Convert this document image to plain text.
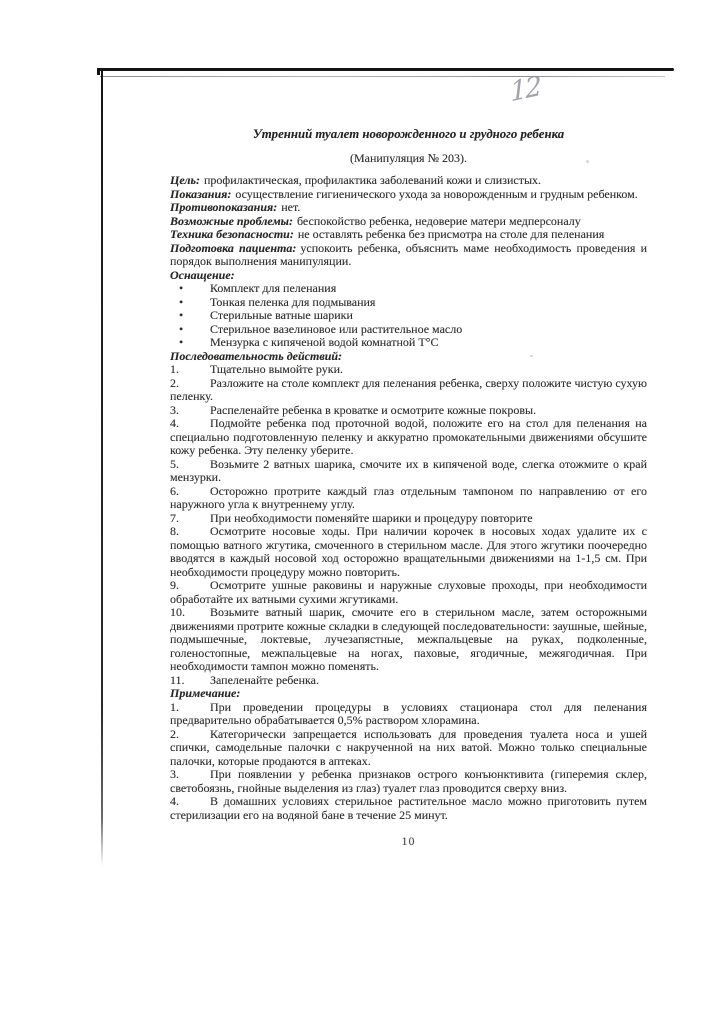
12

Утренний туалет новорожденного и грудного ребенка

(Манипуляция № 203).

Цель: профилактическая, профилактика заболеваний кожи и слизистых.

Показания: осуществление гигиенического ухода за новорожденным и грудным ребенком.

Противопоказания: нет.

Возможные проблемы: беспокойство ребенка, недоверие матери медперсоналу

Техника безопасности: не оставлять ребенка без присмотра на столе для пеленания

Подготовка пациента: успокоить ребенка, объяснить маме необходимость проведения и порядок выполнения манипуляции.

Оснащение:

• Комплект для пеленания
• Тонкая пеленка для подмывания
• Стерильные ватные шарики
• Стерильное вазелиновое или растительное масло
• Мензурка с кипяченой водой комнатной Т°С

Последовательность действий:

1.	Тщательно вымойте руки.

2.	Разложите на столе комплект для пеленания ребенка, сверху положите чистую сухую пеленку.

3.	Распеленайте ребенка в кроватке и осмотрите кожные покровы.

4.	Подмойте ребенка под проточной водой, положите его на стол для пеленания на специально подготовленную пеленку и аккуратно промокательными движениями обсушите кожу ребенка. Эту пеленку уберите.

5.	Возьмите 2 ватных шарика, смочите их в кипяченой воде, слегка отожмите о край мензурки.

6.	Осторожно протрите каждый глаз отдельным тампоном по направлению от его наружного угла к внутреннему углу.

7.	При необходимости поменяйте шарики и процедуру повторите

8.	Осмотрите носовые ходы. При наличии корочек в носовых ходах удалите их с помощью ватного жгутика, смоченного в стерильном масле. Для этого жгутики поочередно вводятся в каждый носовой ход осторожно вращательными движениями на 1-1,5 см. При необходимости процедуру можно повторить.

9.	Осмотрите ушные раковины и наружные слуховые проходы, при необходимости обработайте их ватными сухими жгутиками.

10. Возьмите ватный шарик, смочите его в стерильном масле, затем осторожными движениями протрите кожные складки в следующей последовательности: заушные, шейные, подмышечные, локтевые, лучезапястные, межпальцевые на руках, подколенные, голеностопные, межпальцевые на ногах, паховые, ягодичные, межягодичная. При необходимости тампон можно поменять.

11. Запеленайте ребенка.

Примечание:

1.	При проведении процедуры в условиях стационара стол для пеленания предварительно обрабатывается 0,5% раствором хлорамина.

2.	Категорически запрещается использовать для проведения туалета носа и ушей спички, самодельные палочки с накрученной на них ватой. Можно только специальные палочки, которые продаются в аптеках.

3.	При появлении у ребенка признаков острого конъюнктивита (гиперемия склер, светобоязнь, гнойные выделения из глаз) туалет глаз проводится сверху вниз.

4.	В домашних условиях стерильное растительное масло можно приготовить путем стерилизации его на водяной бане в течение 25 минут.

10
